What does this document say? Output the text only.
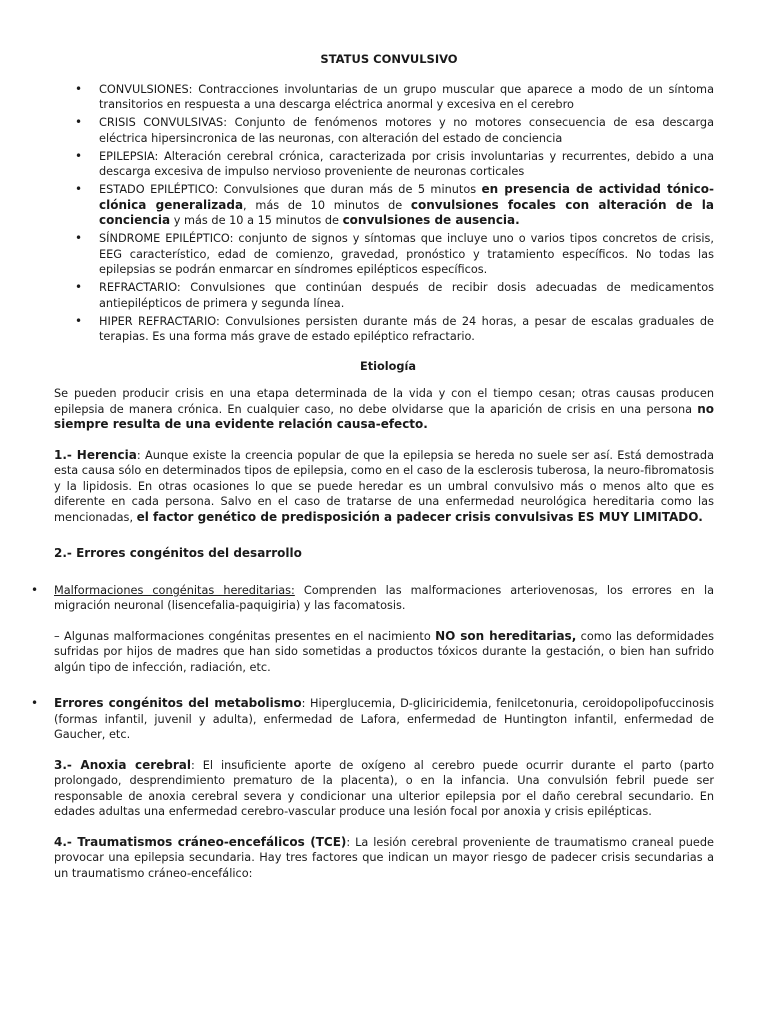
STATUS CONVULSIVO

• CONVULSIONES: Contracciones involuntarias de un grupo muscular que aparece a modo de un síntoma transitorios en respuesta a una descarga eléctrica anormal y excesiva en el cerebro
• CRISIS CONVULSIVAS: Conjunto de fenómenos motores y no motores consecuencia de esa descarga eléctrica hipersincronica de las neuronas, con alteración del estado de conciencia
• EPILEPSIA: Alteración cerebral crónica, caracterizada por crisis involuntarias y recurrentes, debido a una descarga excesiva de impulso nervioso proveniente de neuronas corticales
• ESTADO EPILÉPTICO: Convulsiones que duran más de 5 minutos en presencia de actividad tónico-clónica generalizada, más de 10 minutos de convulsiones focales con alteración de la conciencia y más de 10 a 15 minutos de convulsiones de ausencia.
• SÍNDROME EPILÉPTICO: conjunto de signos y síntomas que incluye uno o varios tipos concretos de crisis, EEG característico, edad de comienzo, gravedad, pronóstico y tratamiento específicos. No todas las epilepsias se podrán enmarcar en síndromes epilépticos específicos.
• REFRACTARIO: Convulsiones que continúan después de recibir dosis adecuadas de medicamentos antiepilépticos de primera y segunda línea.
• HIPER REFRACTARIO: Convulsiones persisten durante más de 24 horas, a pesar de escalas graduales de terapias. Es una forma más grave de estado epiléptico refractario.

Etiología

Se pueden producir crisis en una etapa determinada de la vida y con el tiempo cesan; otras causas producen epilepsia de manera crónica. En cualquier caso, no debe olvidarse que la aparición de crisis en una persona no siempre resulta de una evidente relación causa-efecto.

1.- Herencia: Aunque existe la creencia popular de que la epilepsia se hereda no suele ser así. Está demostrada esta causa sólo en determinados tipos de epilepsia, como en el caso de la esclerosis tuberosa, la neuro-fibromatosis y la lipidosis. En otras ocasiones lo que se puede heredar es un umbral convulsivo más o menos alto que es diferente en cada persona. Salvo en el caso de tratarse de una enfermedad neurológica hereditaria como las mencionadas, el factor genético de predisposición a padecer crisis convulsivas ES MUY LIMITADO.

2.- Errores congénitos del desarrollo

• Malformaciones congénitas hereditarias: Comprenden las malformaciones arteriovenosas, los errores en la migración neuronal (lisencefalia-paquigiria) y las facomatosis.

– Algunas malformaciones congénitas presentes en el nacimiento NO son hereditarias, como las deformidades sufridas por hijos de madres que han sido sometidas a productos tóxicos durante la gestación, o bien han sufrido algún tipo de infección, radiación, etc.

• Errores congénitos del metabolismo: Hiperglucemia, D-gliciricidemia, fenilcetonuria, ceroidopolipofuccinosis (formas infantil, juvenil y adulta), enfermedad de Lafora, enfermedad de Huntington infantil, enfermedad de Gaucher, etc.

3.- Anoxia cerebral: El insuficiente aporte de oxígeno al cerebro puede ocurrir durante el parto (parto prolongado, desprendimiento prematuro de la placenta), o en la infancia. Una convulsión febril puede ser responsable de anoxia cerebral severa y condicionar una ulterior epilepsia por el daño cerebral secundario. En edades adultas una enfermedad cerebro-vascular produce una lesión focal por anoxia y crisis epilépticas.

4.- Traumatismos cráneo-encefálicos (TCE): La lesión cerebral proveniente de traumatismo craneal puede provocar una epilepsia secundaria. Hay tres factores que indican un mayor riesgo de padecer crisis secundarias a un traumatismo cráneo-encefálico:
